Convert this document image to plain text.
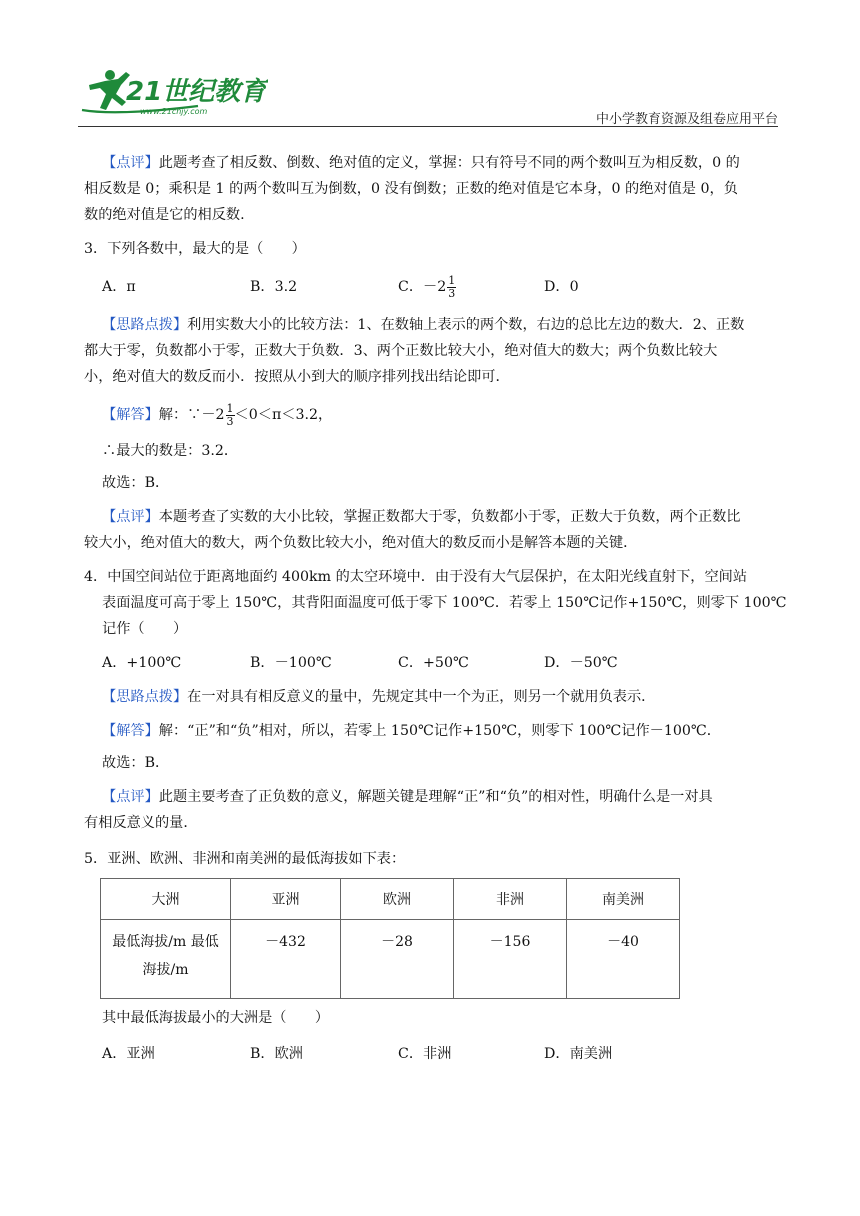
21世纪教育
www.21cnjy.com
中小学教育资源及组卷应用平台
【点评】此题考查了相反数、倒数、绝对值的定义，掌握：只有符号不同的两个数叫互为相反数，0 的
相反数是 0；乘积是 1 的两个数叫互为倒数，0 没有倒数；正数的绝对值是它本身，0 的绝对值是 0，负
数的绝对值是它的相反数.
3．下列各数中，最大的是（　　）
A．π	B．3.2	C．$-2 \frac{1}{3}$	D．0
【思路点拨】利用实数大小的比较方法：1、在数轴上表示的两个数，右边的总比左边的数大．2、正数
都大于零，负数都小于零，正数大于负数．3、两个正数比较大小，绝对值大的数大；两个负数比较大
小，绝对值大的数反而小．按照从小到大的顺序排列找出结论即可．
【解答】解：∵－2 $\frac{1}{3} <0<\pi<3.2$，
∴最大的数是：3.2．
故选：B．
【点评】本题考查了实数的大小比较，掌握正数都大于零，负数都小于零，正数大于负数，两个正数比
较大小，绝对值大的数大，两个负数比较大小，绝对值大的数反而小是解答本题的关键．
4．中国空间站位于距离地面约 400km 的太空环境中．由于没有大气层保护，在太阳光线直射下，空间站
表面温度可高于零上 150℃，其背阳面温度可低于零下 100℃．若零上 150℃记作+150℃，则零下 100℃
记作（　　）
A．+100℃	B．－100℃	C．+50℃	D．－50℃
【思路点拨】在一对具有相反意义的量中，先规定其中一个为正，则另一个就用负表示．
【解答】解：“正”和“负”相对，所以，若零上 150℃记作+150℃，则零下 100℃记作－100℃．
故选：B．
【点评】此题主要考查了正负数的意义，解题关键是理解“正”和“负”的相对性，明确什么是一对具
有相反意义的量．
5．亚洲、欧洲、非洲和南美洲的最低海拔如下表：
大洲	亚洲	欧洲	非洲	南美洲

最低海拔/m 最低
海拔/m	－432	－28	－156	－40
其中最低海拔最小的大洲是（　　）
A．亚洲	B．欧洲	C．非洲	D．南美洲
